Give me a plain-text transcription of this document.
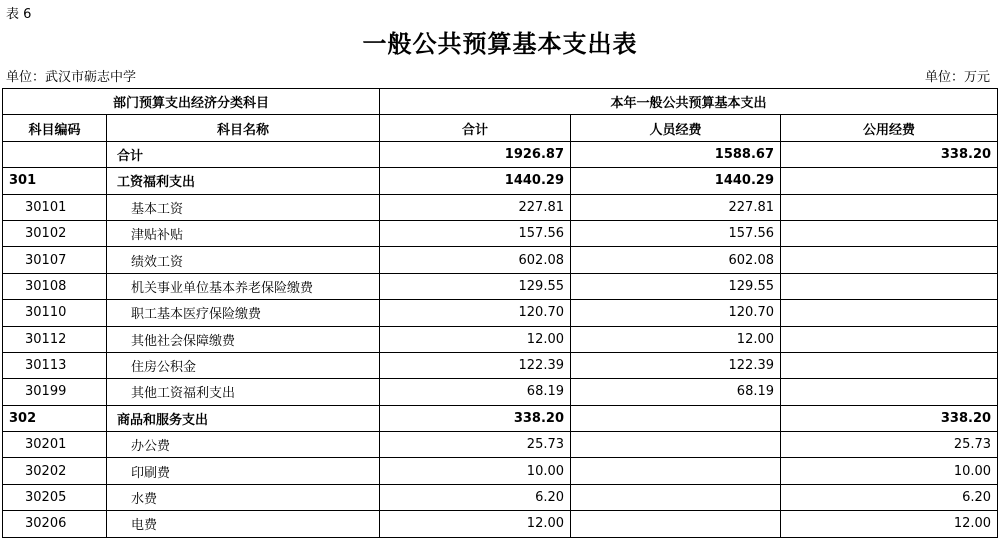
表 6
一般公共预算基本支出表
单位：武汉市砺志中学	单位：万元
部门预算支出经济分类科目		本年一般公共预算基本支出		
科目编码	科目名称	合计	人员经费	公用经费
	合计	1926.87	1588.67	338.20
301	工资福利支出	1440.29	1440.29	
30101	基本工资	227.81	227.81	
30102	津贴补贴	157.56	157.56	
30107	绩效工资	602.08	602.08	
30108	机关事业单位基本养老保险缴费	129.55	129.55	
30110	职工基本医疗保险缴费	120.70	120.70	
30112	其他社会保障缴费	12.00	12.00	
30113	住房公积金	122.39	122.39	
30199	其他工资福利支出	68.19	68.19	
302	商品和服务支出	338.20		338.20
30201	办公费	25.73		25.73
30202	印刷费	10.00		10.00
30205	水费	6.20		6.20
30206	电费	12.00		12.00
